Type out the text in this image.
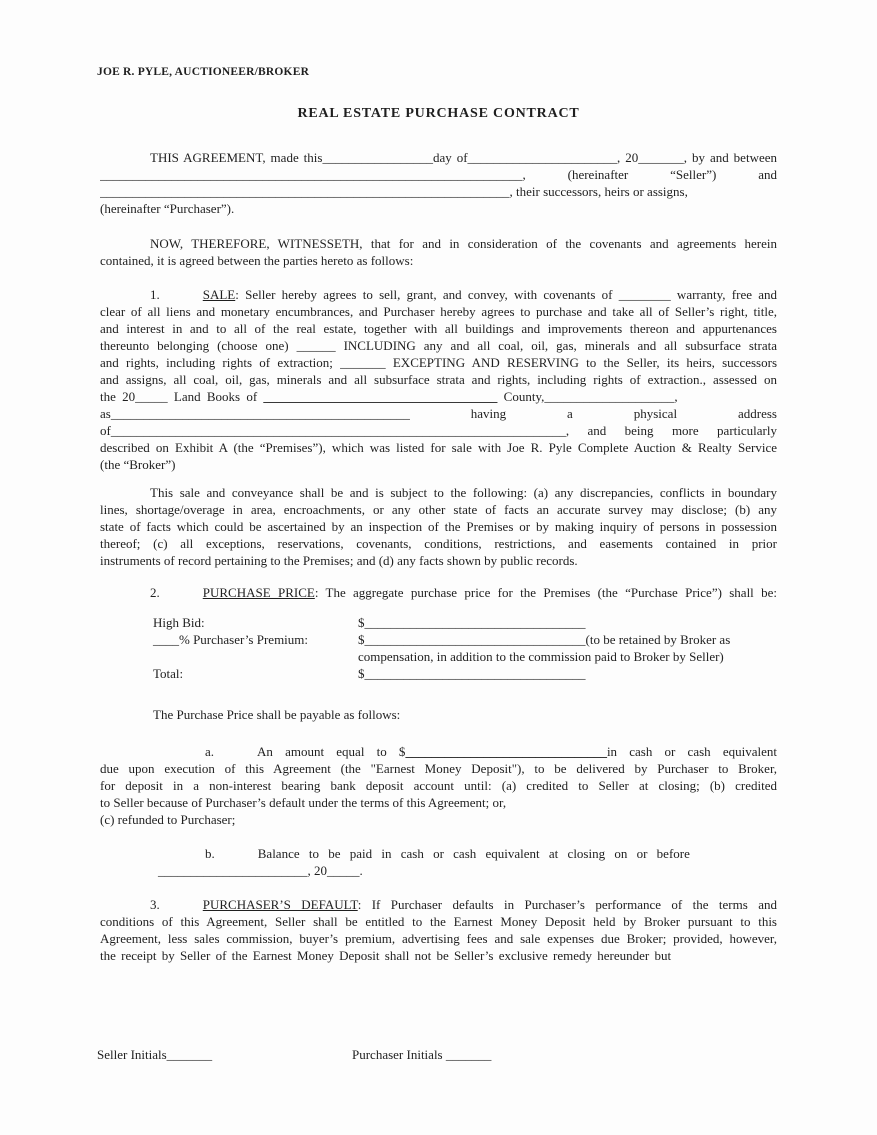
JOE R. PYLE, AUCTIONEER/BROKER
REAL ESTATE PURCHASE CONTRACT
THIS AGREEMENT, made this_________________day of_______________________, 20_______, by and between
_________________________________________________________________,	(hereinafter	“Seller”)	and
_______________________________________________________________, their successors, heirs or assigns,
(hereinafter “Purchaser”).
NOW, THEREFORE, WITNESSETH, that for and in consideration of the covenants and agreements herein
contained, it is agreed between the parties hereto as follows:
1.	SALE: Seller hereby agrees to sell, grant, and convey, with covenants of ________ warranty, free and
clear of all liens and monetary encumbrances, and Purchaser hereby agrees to purchase and take all of Seller’s right, title,
and interest in and to all of the real estate, together with all buildings and improvements thereon and appurtenances
thereunto belonging (choose one) ______ INCLUDING any and all coal, oil, gas, minerals and all subsurface strata
and rights, including rights of extraction; _______ EXCEPTING AND RESERVING to the Seller, its heirs, successors
and assigns, all coal, oil, gas, minerals and all subsurface strata and rights, including rights of extraction., assessed on
the 20_____ Land Books of ____________________________________ County,____________________,
as______________________________________________	having	a	physical	address
of______________________________________________________________________, and being more particularly
described on Exhibit A (the “Premises”), which was listed for sale with Joe R. Pyle Complete Auction & Realty Service
(the “Broker”)
This sale and conveyance shall be and is subject to the following: (a) any discrepancies, conflicts in boundary
lines, shortage/overage in area, encroachments, or any other state of facts an accurate survey may disclose; (b) any
state of facts which could be ascertained by an inspection of the Premises or by making inquiry of persons in possession
thereof; (c) all exceptions, reservations, covenants, conditions, restrictions, and easements contained in prior
instruments of record pertaining to the Premises; and (d) any facts shown by public records.
2.	PURCHASE PRICE: The aggregate purchase price for the Premises (the “Purchase Price”) shall be:
High Bid:	$__________________________________
____% Purchaser’s Premium:	$__________________________________(to be retained by Broker as
compensation, in addition to the commission paid to Broker by Seller)
Total:	$__________________________________
The Purchase Price shall be payable as follows:
a.	An amount equal to $_______________________________in cash or cash equivalent
due upon execution of this Agreement (the "Earnest Money Deposit"), to be delivered by Purchaser to Broker,
for deposit in a non-interest bearing bank deposit account until: (a) credited to Seller at closing; (b) credited
to Seller because of Purchaser’s default under the terms of this Agreement; or,
(c) refunded to Purchaser;
b.	Balance to be paid in cash or cash equivalent at closing on or before
_______________________, 20_____.
3.	PURCHASER’S DEFAULT: If Purchaser defaults in Purchaser’s performance of the terms and
conditions of this Agreement, Seller shall be entitled to the Earnest Money Deposit held by Broker pursuant to this
Agreement, less sales commission, buyer’s premium, advertising fees and sale expenses due Broker; provided, however,
the receipt by Seller of the Earnest Money Deposit shall not be Seller’s exclusive remedy hereunder but
Seller Initials_______	Purchaser Initials _______
